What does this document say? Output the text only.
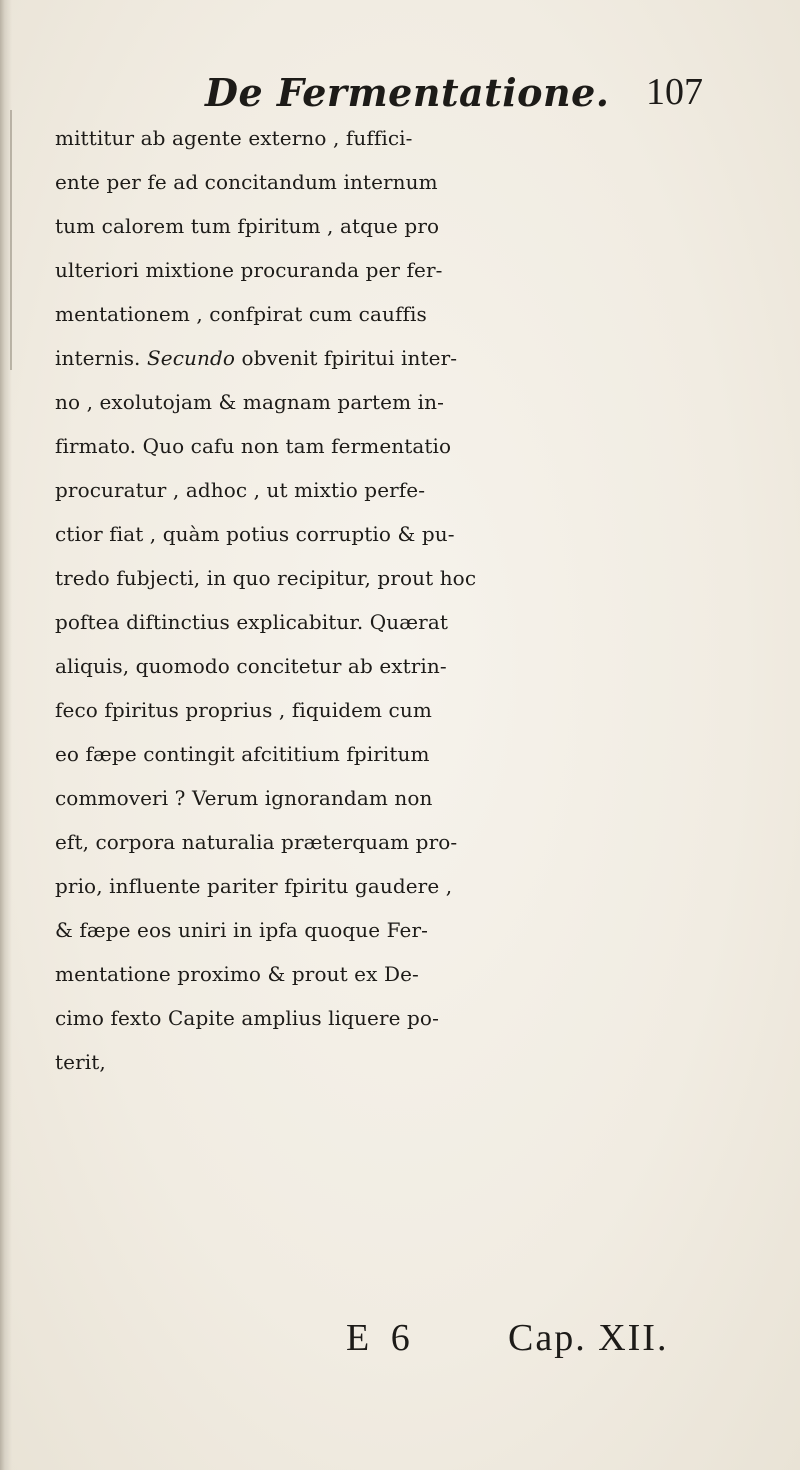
De Fermentatione. 107
mittitur ab agente externo , fuffici-
ente per fe ad concitandum internum
tum calorem tum fpiritum , atque pro
ulteriori mixtione procuranda per fer-
mentationem , confpirat cum cauffis
internis. Secundo obvenit fpiritui inter-
no , exolutojam & magnam partem in-
firmato. Quo cafu non tam fermentatio
procuratur , adhoc , ut mixtio perfe-
ctior fiat , quàm potius corruptio & pu-
tredo fubjecti, in quo recipitur, prout hoc
poftea diftinctius explicabitur. Quærat
aliquis, quomodo concitetur ab extrin-
feco fpiritus proprius , fiquidem cum
eo fæpe contingit afcititium fpiritum
commoveri ? Verum ignorandam non
eft, corpora naturalia præterquam pro-
prio, influente pariter fpiritu gaudere ,
& fæpe eos uniri in ipfa quoque Fer-
mentatione proximo & prout ex De-
cimo fexto Capite amplius liquere po-
terit,
E 6 Cap. XII.
